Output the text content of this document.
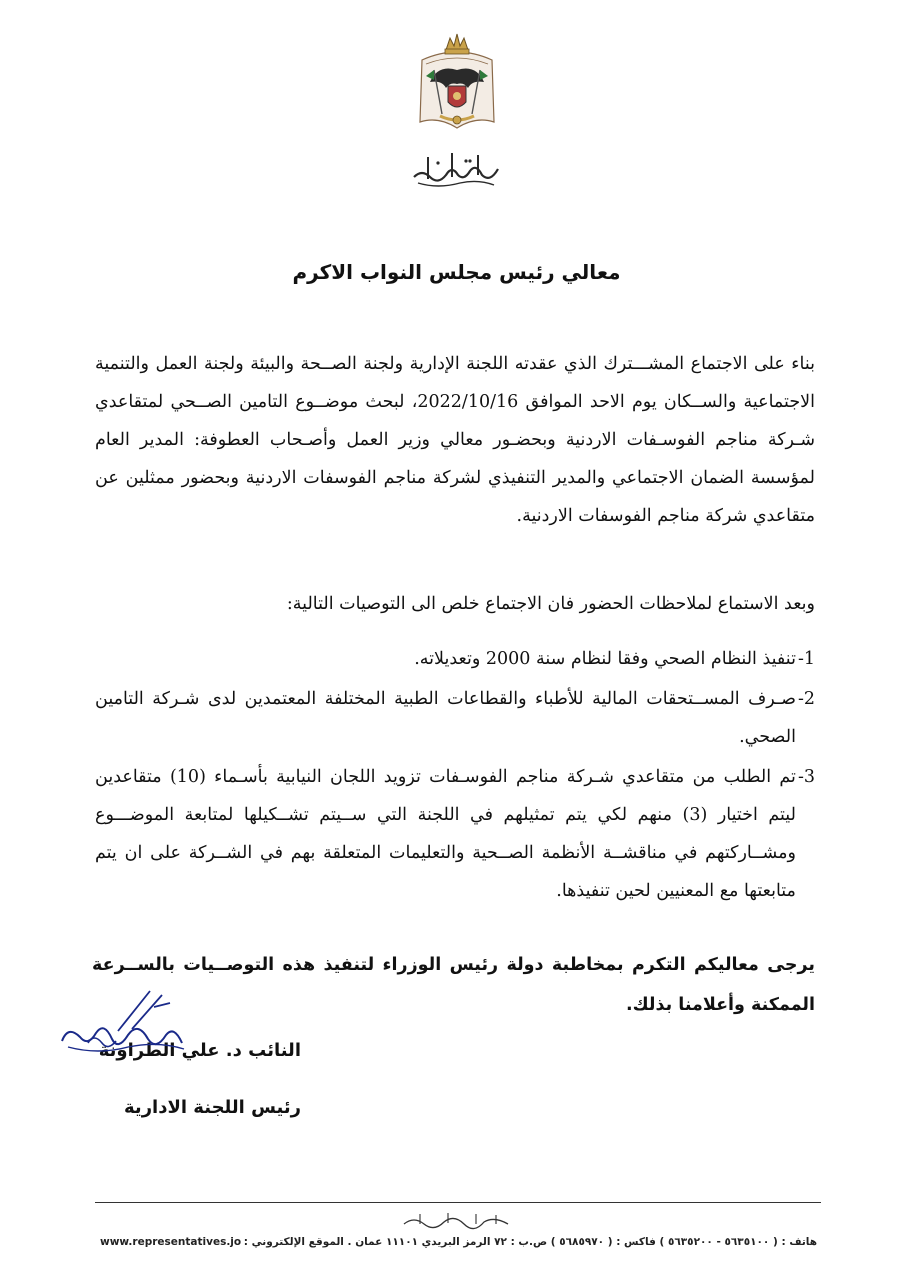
معالي رئيس مجلس النواب الاكرم

بناء على الاجتماع المشـــترك الذي عقدته اللجنة الإدارية ولجنة الصــحة والبيئة ولجنة العمل والتنمية الاجتماعية والســكان يوم الاحد الموافق 2022/10/16، لبحث موضــوع التامين الصــحي لمتقاعدي شـركة مناجم الفوسـفات الاردنية وبحضـور معالي وزير العمل وأصـحاب العطوفة: المدير العام لمؤسسة الضمان الاجتماعي والمدير التنفيذي لشركة مناجم الفوسفات الاردنية وبحضور ممثلين عن متقاعدي شركة مناجم الفوسفات الاردنية.

وبعد الاستماع لملاحظات الحضور فان الاجتماع خلص الى التوصيات التالية:

1-
تنفيذ النظام الصحي وفقا لنظام سنة 2000 وتعديلاته.
2-
صـرف المســتحقات المالية للأطباء والقطاعات الطبية المختلفة المعتمدين لدى شـركة التامين الصحي.
3-
تم الطلب من متقاعدي شـركة مناجم الفوسـفات تزويد اللجان النيابية بأسـماء (10) متقاعدين ليتم اختيار (3) منهم لكي يتم تمثيلهم في اللجنة التي ســيتم تشــكيلها لمتابعة الموضـــوع ومشــاركتهم في مناقشــة الأنظمة الصــحية والتعليمات المتعلقة بهم في الشــركة على ان يتم متابعتها مع المعنيين لحين تنفيذها.

يرجى معاليكم التكرم بمخاطبة دولة رئيس الوزراء لتنفيذ هذه التوصــيات بالســرعة الممكنة وأعلامنا بذلك.

النائب د. علي الطراونة
رئيس اللجنة الادارية
هاتف : ( ٥٦٣٥١٠٠ - ٥٦٣٥٢٠٠ ) فاكس : ( ٥٦٨٥٩٧٠ ) ص.ب : ٧٢ الرمز البريدي ١١١٠١ عمان . الموقع الإلكتروني :
www.representatives.jo
